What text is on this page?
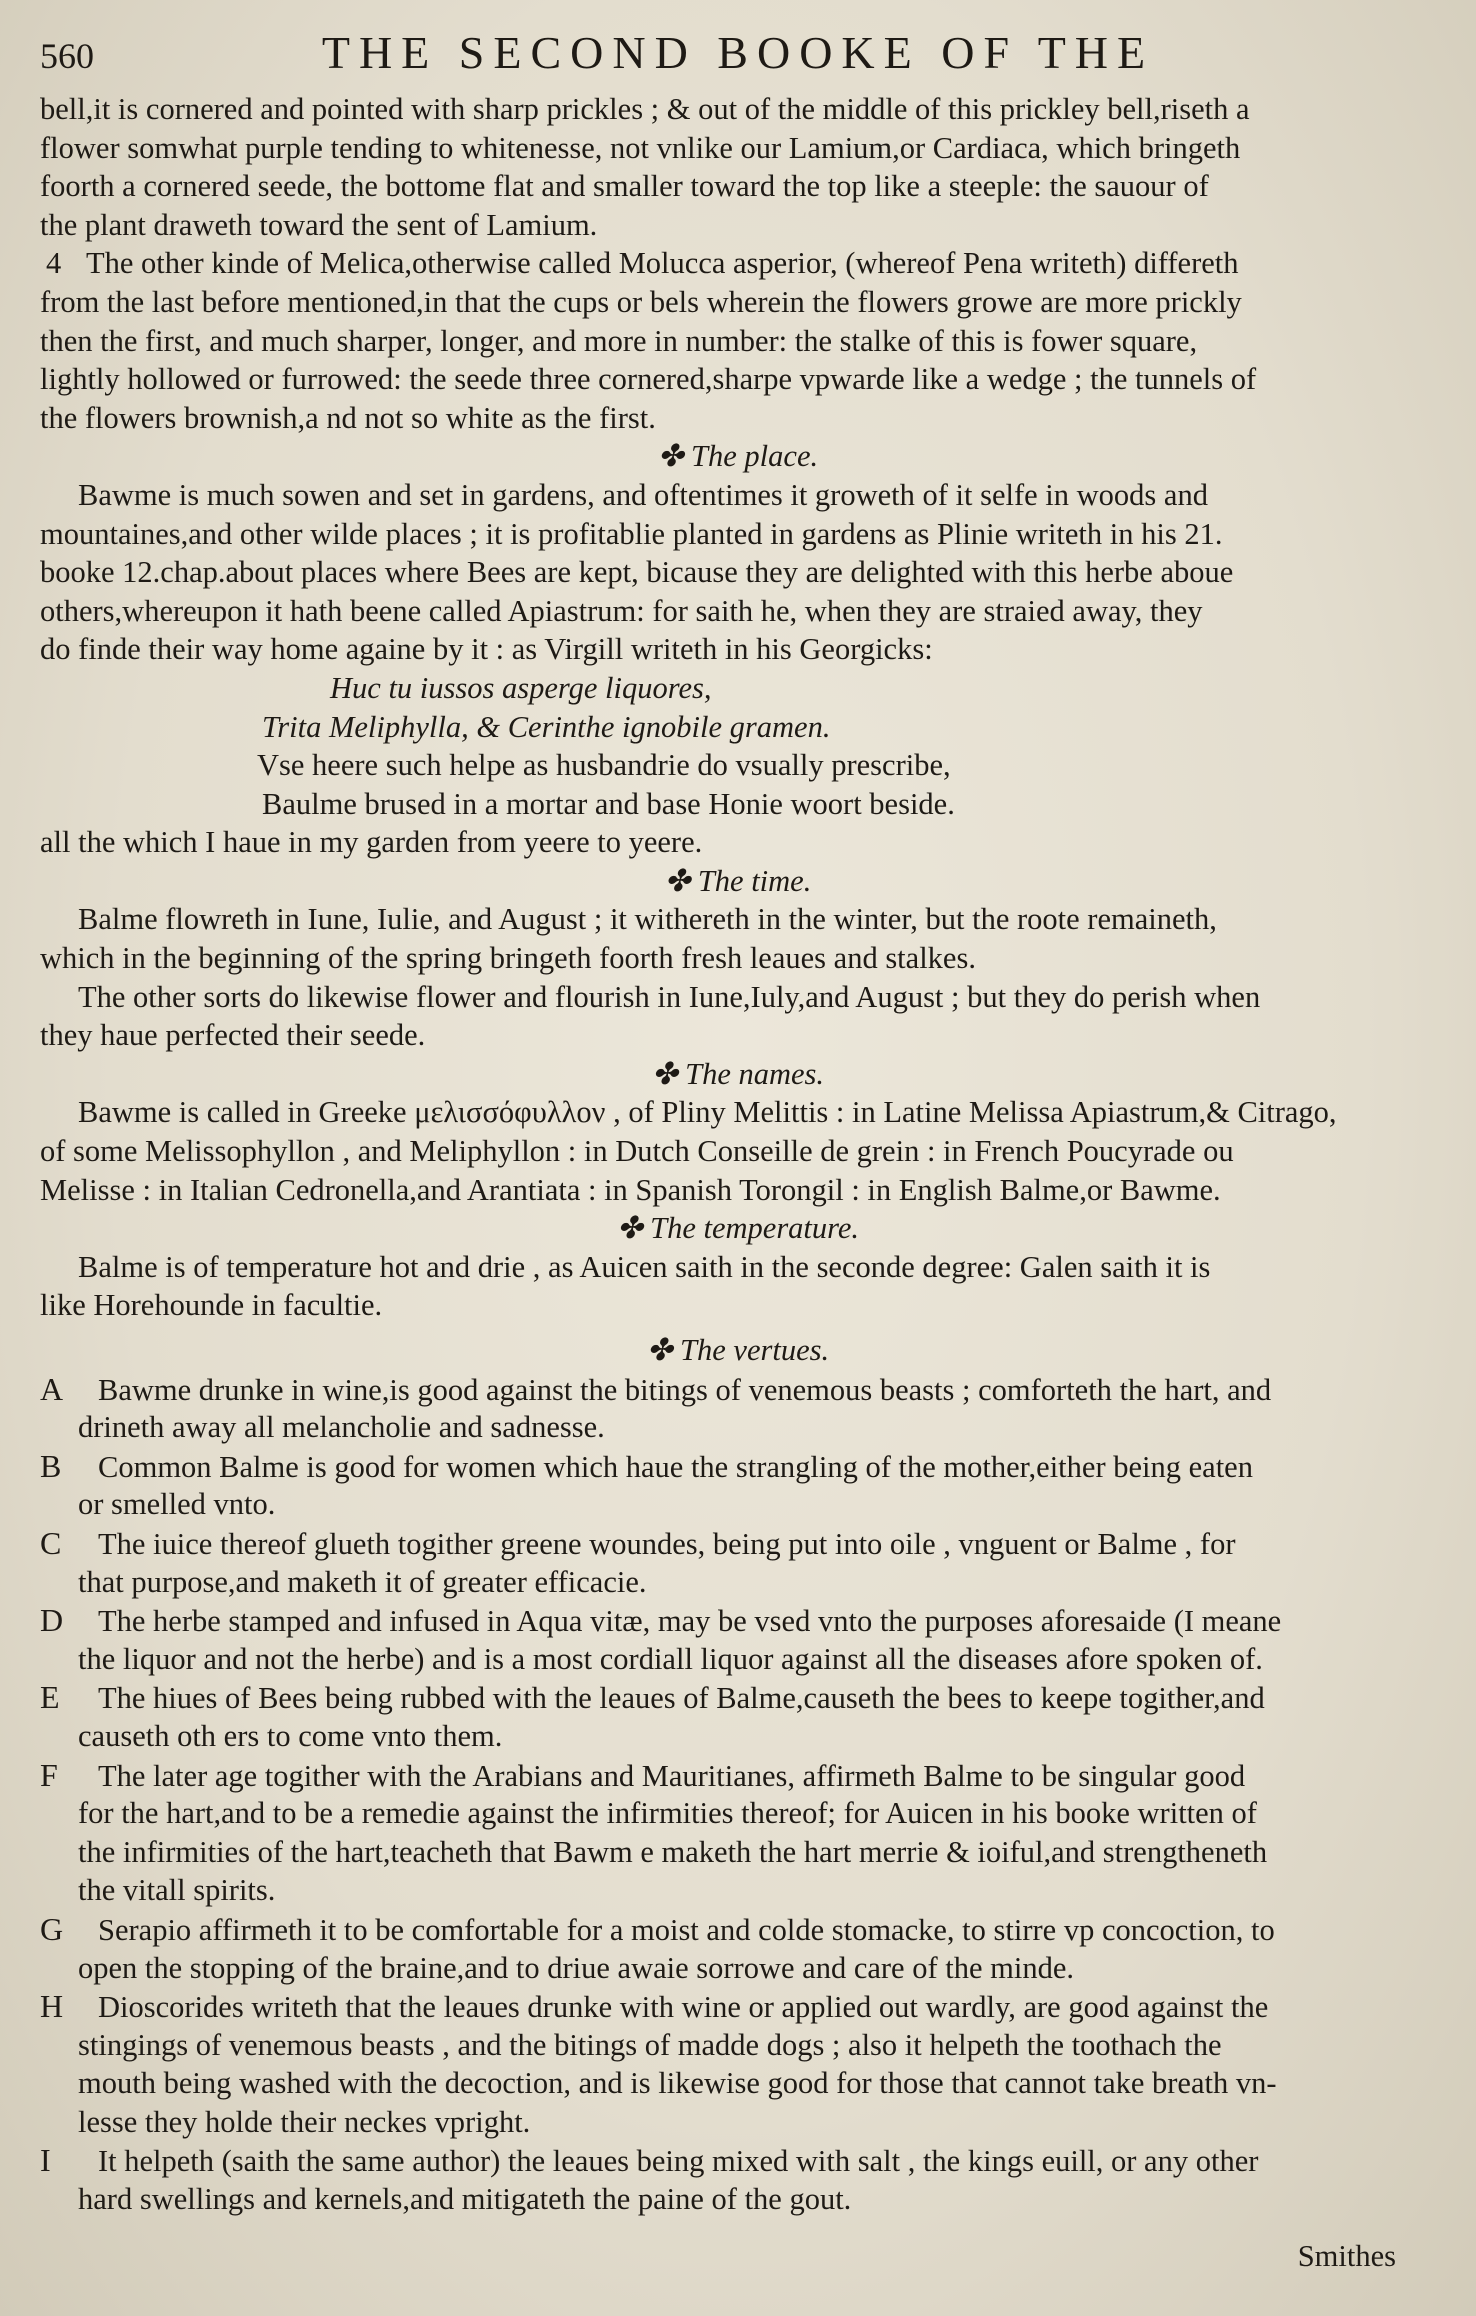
560	THE SECOND BOOKE OF THE
bell,it is cornered and pointed with sharp prickles ; & out of the middle of this prickley bell,riseth a
flower somwhat purple tending to whitenesse, not vnlike our Lamium,or Cardiaca, which bringeth
foorth a cornered seede, the bottome flat and smaller toward the top like a steeple: the sauour of
the plant draweth toward the sent of Lamium.
4 The other kinde of Melica,otherwise called Molucca asperior, (whereof Pena writeth) differeth
from the last before mentioned,in that the cups or bels wherein the flowers growe are more prickly
then the first, and much sharper, longer, and more in number: the stalke of this is fower square,
lightly hollowed or furrowed: the seede three cornered,sharpe vpwarde like a wedge ; the tunnels of
the flowers brownish,a nd not so white as the first.
✤ The place.
Bawme is much sowen and set in gardens, and oftentimes it groweth of it selfe in woods and
mountaines,and other wilde places ; it is profitablie planted in gardens as Plinie writeth in his 21.
booke 12.chap.about places where Bees are kept, bicause they are delighted with this herbe aboue
others,whereupon it hath beene called Apiastrum: for saith he, when they are straied away, they
do finde their way home againe by it : as Virgill writeth in his Georgicks:
Huc tu iussos asperge liquores,
Trita Meliphylla, & Cerinthe ignobile gramen.
Vse heere such helpe as husbandrie do vsually prescribe,
Baulme brused in a mortar and base Honie woort beside.
all the which I haue in my garden from yeere to yeere.
✤ The time.
Balme flowreth in Iune, Iulie, and August ; it withereth in the winter, but the roote remaineth,
which in the beginning of the spring bringeth foorth fresh leaues and stalkes.
The other sorts do likewise flower and flourish in Iune,Iuly,and August ; but they do perish when
they haue perfected their seede.
✤ The names.
Bawme is called in Greeke μελισσόφυλλον , of Pliny Melittis : in Latine Melissa Apiastrum,& Citrago,
of some Melissophyllon , and Meliphyllon : in Dutch Conseille de grein : in French Poucyrade ou
Melisse : in Italian Cedronella,and Arantiata : in Spanish Torongil : in English Balme,or Bawme.
✤ The temperature.
Balme is of temperature hot and drie , as Auicen saith in the seconde degree: Galen saith it is
like Horehounde in facultie.
✤ The vertues.
A Bawme drunke in wine,is good against the bitings of venemous beasts ; comforteth the hart, and
drineth away all melancholie and sadnesse.
B Common Balme is good for women which haue the strangling of the mother,either being eaten
or smelled vnto.
C The iuice thereof glueth togither greene woundes, being put into oile , vnguent or Balme , for
that purpose,and maketh it of greater efficacie.
D The herbe stamped and infused in Aqua vitæ, may be vsed vnto the purposes aforesaide (I meane
the liquor and not the herbe) and is a most cordiall liquor against all the diseases afore spoken of.
E The hiues of Bees being rubbed with the leaues of Balme,causeth the bees to keepe togither,and
causeth oth ers to come vnto them.
F The later age togither with the Arabians and Mauritianes, affirmeth Balme to be singular good
for the hart,and to be a remedie against the infirmities thereof; for Auicen in his booke written of
the infirmities of the hart,teacheth that Bawm e maketh the hart merrie & ioiful,and strengtheneth
the vitall spirits.
G Serapio affirmeth it to be comfortable for a moist and colde stomacke, to stirre vp concoction, to
open the stopping of the braine,and to driue awaie sorrowe and care of the minde.
H Dioscorides writeth that the leaues drunke with wine or applied out wardly, are good against the
stingings of venemous beasts , and the bitings of madde dogs ; also it helpeth the toothach the
mouth being washed with the decoction, and is likewise good for those that cannot take breath vn-
lesse they holde their neckes vpright.
I It helpeth (saith the same author) the leaues being mixed with salt , the kings euill, or any other
hard swellings and kernels,and mitigateth the paine of the gout.
Smithes
